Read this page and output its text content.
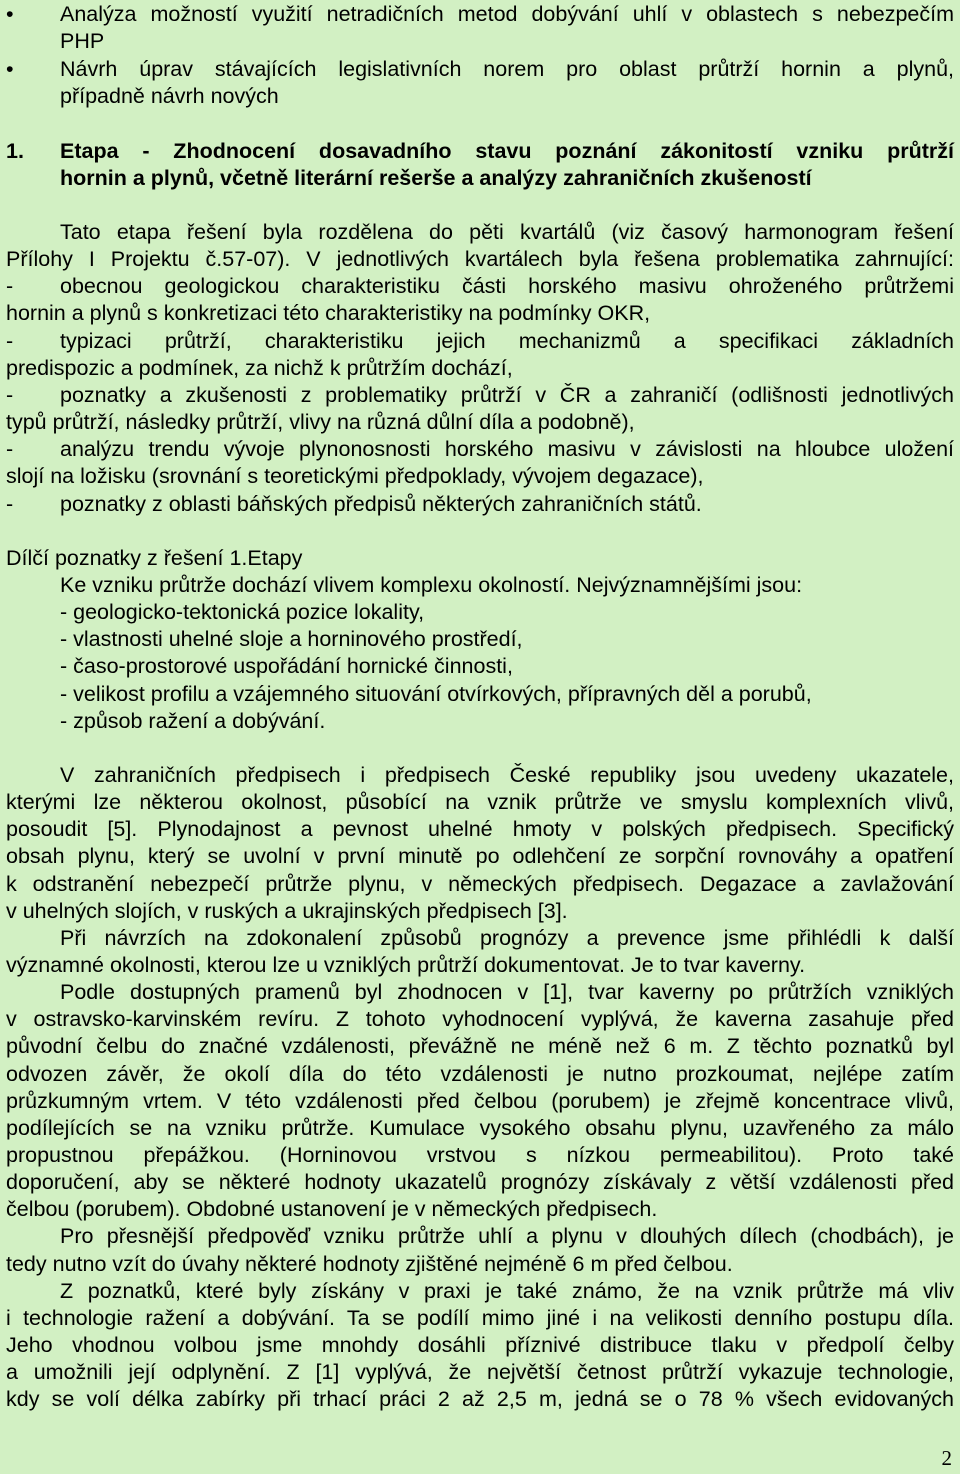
•	Analýza možností využití netradičních metod dobývání uhlí v oblastech s nebezpečím
PHP
•	Návrh úprav stávajících legislativních norem pro oblast průtrží hornin a plynů,
případně návrh nových
1.	Etapa - Zhodnocení dosavadního stavu poznání zákonitostí vzniku průtrží
hornin a plynů, včetně literární rešerše a analýzy zahraničních zkušeností
Tato etapa řešení byla rozdělena do pěti kvartálů (viz časový harmonogram řešení
Přílohy I Projektu č.57-07). V jednotlivých kvartálech byla řešena problematika zahrnující:
-	obecnou geologickou charakteristiku části horského masivu ohroženého průtržemi
hornin a plynů s konkretizaci této charakteristiky na podmínky OKR,
-	typizaci průtrží, charakteristiku jejich mechanizmů a specifikaci základních
predispozic a podmínek, za nichž k průtržím dochází,
-	poznatky a zkušenosti z problematiky průtrží v ČR a zahraničí (odlišnosti jednotlivých
typů průtrží, následky průtrží, vlivy na různá důlní díla a podobně),
-	analýzu trendu vývoje plynonosnosti horského masivu v závislosti na hloubce uložení
slojí na ložisku (srovnání s teoretickými předpoklady, vývojem degazace),
-	poznatky z oblasti báňských předpisů některých zahraničních států.
Dílčí poznatky z řešení 1.Etapy
Ke vzniku průtrže dochází vlivem komplexu okolností. Nejvýznamnějšími jsou:
- geologicko-tektonická pozice lokality,
- vlastnosti uhelné sloje a horninového prostředí,
- časo-prostorové uspořádání hornické činnosti,
- velikost profilu a vzájemného situování otvírkových, přípravných děl a porubů,
- způsob ražení a dobývání.
V zahraničních předpisech i předpisech České republiky jsou uvedeny ukazatele,
kterými lze některou okolnost, působící na vznik průtrže ve smyslu komplexních vlivů,
posoudit [5]. Plynodajnost a pevnost uhelné hmoty v polských předpisech. Specifický
obsah plynu, který se uvolní v první minutě po odlehčení ze sorpční rovnováhy a opatření
k odstranění nebezpečí průtrže plynu, v německých předpisech. Degazace a zavlažování
v uhelných slojích, v ruských a ukrajinských předpisech [3].
Při návrzích na zdokonalení způsobů prognózy a prevence jsme přihlédli k další
významné okolnosti, kterou lze u vzniklých průtrží dokumentovat. Je to tvar kaverny.
Podle dostupných pramenů byl zhodnocen v [1], tvar kaverny po průtržích vzniklých
v ostravsko-karvinském revíru. Z tohoto vyhodnocení vyplývá, že kaverna zasahuje před
původní čelbu do značné vzdálenosti, převážně ne méně než 6 m. Z těchto poznatků byl
odvozen závěr, že okolí díla do této vzdálenosti je nutno prozkoumat, nejlépe zatím
průzkumným vrtem. V této vzdálenosti před čelbou (porubem) je zřejmě koncentrace vlivů,
podílejících se na vzniku průtrže. Kumulace vysokého obsahu plynu, uzavřeného za málo
propustnou přepážkou. (Horninovou vrstvou s nízkou permeabilitou). Proto také
doporučení, aby se některé hodnoty ukazatelů prognózy získávaly z větší vzdálenosti před
čelbou (porubem). Obdobné ustanovení je v německých předpisech.
Pro přesnější předpověď vzniku průtrže uhlí a plynu v dlouhých dílech (chodbách), je
tedy nutno vzít do úvahy některé hodnoty zjištěné nejméně 6 m před čelbou.
Z poznatků, které byly získány v praxi je také známo, že na vznik průtrže má vliv
i technologie ražení a dobývání. Ta se podílí mimo jiné i na velikosti denního postupu díla.
Jeho vhodnou volbou jsme mnohdy dosáhli příznivé distribuce tlaku v předpolí čelby
a umožnili její odplynění. Z [1] vyplývá, že největší četnost průtrží vykazuje technologie,
kdy se volí délka zabírky při trhací práci 2 až 2,5 m, jedná se o 78 % všech evidovaných
2
